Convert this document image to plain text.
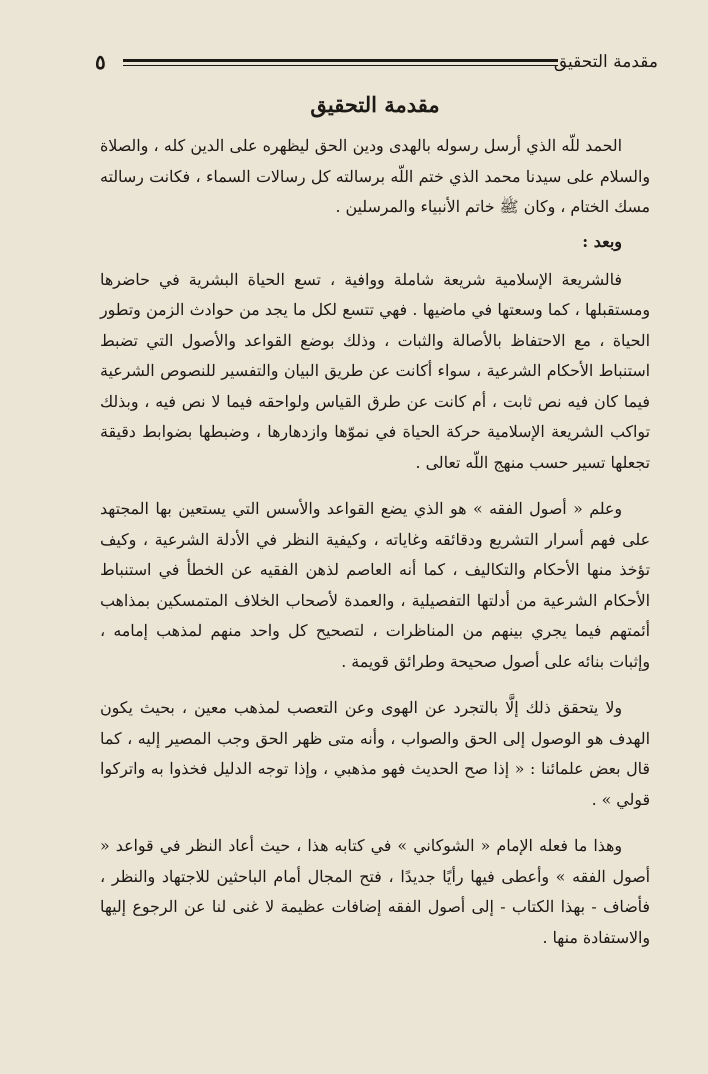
مقدمة التحقيق
٥
مقدمة التحقيق

الحمد للّه الذي أرسل رسوله بالهدى ودين الحق ليظهره على الدين كله ، والصلاة والسلام على سيدنا محمد الذي ختم اللّه برسالته كل رسالات السماء ، فكانت رسالته مسك الختام ، وكان ﷺ خاتم الأنبياء والمرسلين .

وبعد :

فالشريعة الإسلامية شريعة شاملة ووافية ، تسع الحياة البشرية في حاضرها ومستقبلها ، كما وسعتها في ماضيها . فهي تتسع لكل ما يجد من حوادث الزمن وتطور الحياة ، مع الاحتفاظ بالأصالة والثبات ، وذلك بوضع القواعد والأصول التي تضبط استنباط الأحكام الشرعية ، سواء أكانت عن طريق البيان والتفسير للنصوص الشرعية فيما كان فيه نص ثابت ، أم كانت عن طرق القياس ولواحقه فيما لا نص فيه ، وبذلك تواكب الشريعة الإسلامية حركة الحياة في نموّها وازدهارها ، وضبطها بضوابط دقيقة تجعلها تسير حسب منهج اللّه تعالى .

وعلم « أصول الفقه » هو الذي يضع القواعد والأسس التي يستعين بها المجتهد على فهم أسرار التشريع ودقائقه وغاياته ، وكيفية النظر في الأدلة الشرعية ، وكيف تؤخذ منها الأحكام والتكاليف ، كما أنه العاصم لذهن الفقيه عن الخطأ في استنباط الأحكام الشرعية من أدلتها التفصيلية ، والعمدة لأصحاب الخلاف المتمسكين بمذاهب أئمتهم فيما يجري بينهم من المناظرات ، لتصحيح كل واحد منهم لمذهب إمامه ، وإثبات بنائه على أصول صحيحة وطرائق قويمة .

ولا يتحقق ذلك إلَّا بالتجرد عن الهوى وعن التعصب لمذهب معين ، بحيث يكون الهدف هو الوصول إلى الحق والصواب ، وأنه متى ظهر الحق وجب المصير إليه ، كما قال بعض علمائنا : « إذا صح الحديث فهو مذهبي ، وإذا توجه الدليل فخذوا به واتركوا قولي » .

وهذا ما فعله الإمام « الشوكاني » في كتابه هذا ، حيث أعاد النظر في قواعد « أصول الفقه » وأعطى فيها رأيًا جديدًا ، فتح المجال أمام الباحثين للاجتهاد والنظر ، فأضاف - بهذا الكتاب - إلى أصول الفقه إضافات عظيمة لا غنى لنا عن الرجوع إليها والاستفادة منها .
